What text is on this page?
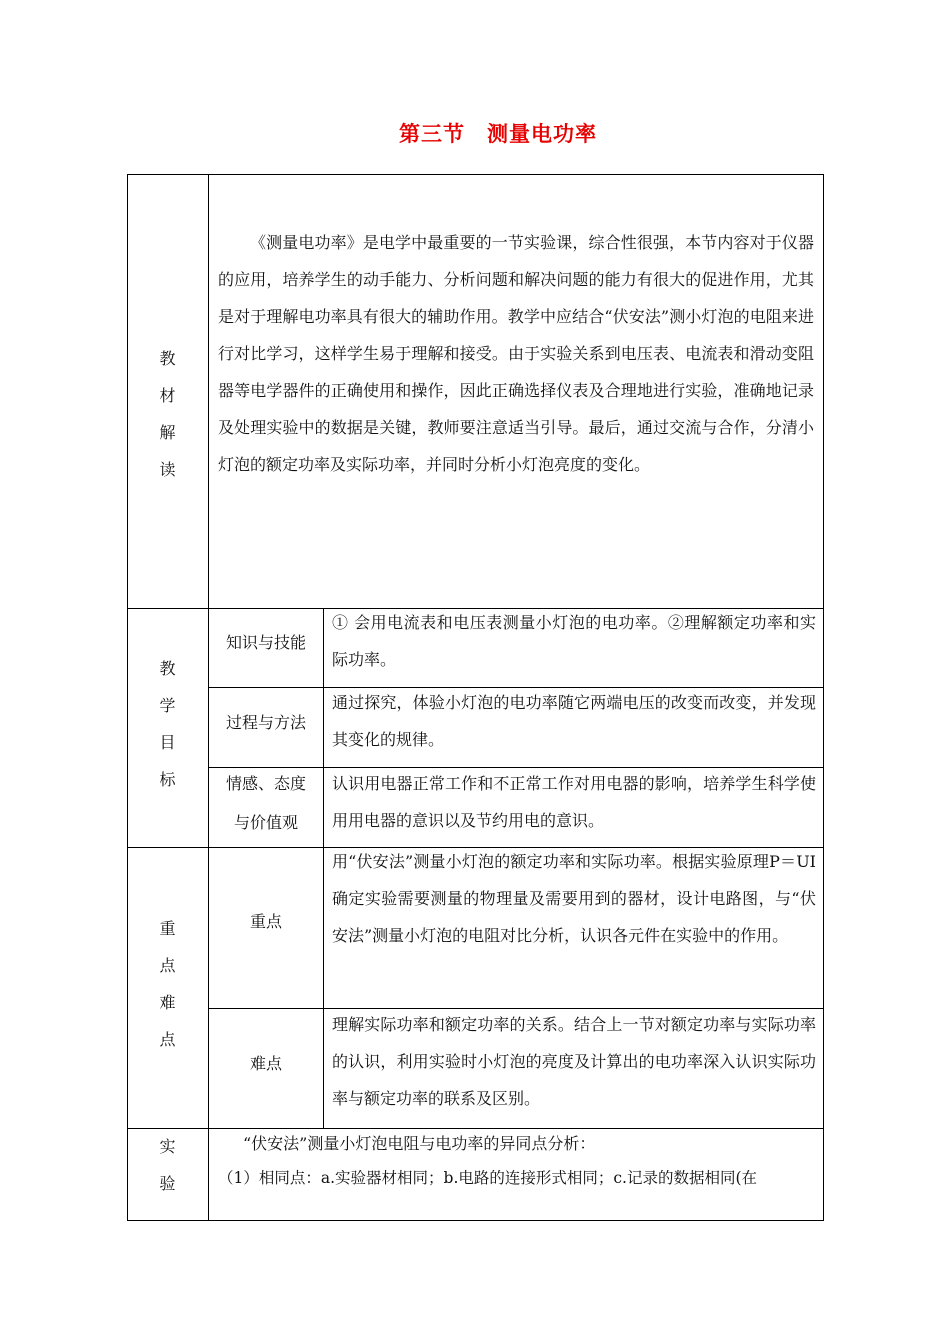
第三节　测量电功率
教
材
解
读
《测量电功率》是电学中最重要的一节实验课，综合性很强，本节内容对于仪器的应用，培养学生的动手能力、分析问题和解决问题的能力有很大的促进作用，尤其是对于理解电功率具有很大的辅助作用。教学中应结合“伏安法”测小灯泡的电阻来进行对比学习，这样学生易于理解和接受。由于实验关系到电压表、电流表和滑动变阻器等电学器件的正确使用和操作，因此正确选择仪表及合理地进行实验，准确地记录及处理实验中的数据是关键，教师要注意适当引导。最后，通过交流与合作，分清小灯泡的额定功率及实际功率，并同时分析小灯泡亮度的变化。
教
学
目
标
知识与技能
① 会用电流表和电压表测量小灯泡的电功率。②理解额定功率和实际功率。
过程与方法
通过探究，体验小灯泡的电功率随它两端电压的改变而改变，并发现其变化的规律。
情感、态度
与价值观
认识用电器正常工作和不正常工作对用电器的影响，培养学生科学使用用电器的意识以及节约用电的意识。
重
点
难
点
重点
用“伏安法”测量小灯泡的额定功率和实际功率。根据实验原理P＝UI确定实验需要测量的物理量及需要用到的器材，设计电路图，与“伏安法”测量小灯泡的电阻对比分析，认识各元件在实验中的作用。
难点
理解实际功率和额定功率的关系。结合上一节对额定功率与实际功率的认识，利用实验时小灯泡的亮度及计算出的电功率深入认识实际功率与额定功率的联系及区别。
实
验
“伏安法”测量小灯泡电阻与电功率的异同点分析：
（1）相同点：a.实验器材相同；b.电路的连接形式相同；c.记录的数据相同(在
